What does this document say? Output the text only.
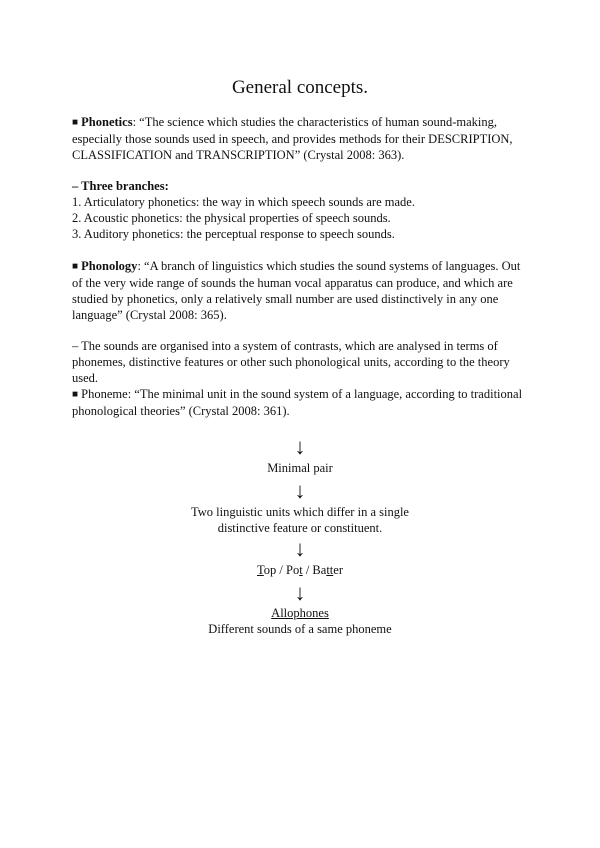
General concepts.

■ Phonetics: “The science which studies the characteristics of human sound-making, especially those sounds used in speech, and provides methods for their DESCRIPTION, CLASSIFICATION and TRANSCRIPTION” (Crystal 2008: 363).

– Three branches:

1. Articulatory phonetics: the way in which speech sounds are made.

2. Acoustic phonetics: the physical properties of speech sounds.

3. Auditory phonetics: the perceptual response to speech sounds.

■ Phonology: “A branch of linguistics which studies the sound systems of languages. Out of the very wide range of sounds the human vocal apparatus can produce, and which are studied by phonetics, only a relatively small number are used distinctively in any one language” (Crystal 2008: 365).

– The sounds are organised into a system of contrasts, which are analysed in terms of phonemes, distinctive features or other such phonological units, according to the theory used.

■ Phoneme: “The minimal unit in the sound system of a language, according to traditional phonological theories” (Crystal 2008: 361).

↓
Minimal pair
↓
Two linguistic units which differ in a single
distinctive feature or constituent.
↓
Top / Pot / Batter
↓
Allophones
Different sounds of a same phoneme
